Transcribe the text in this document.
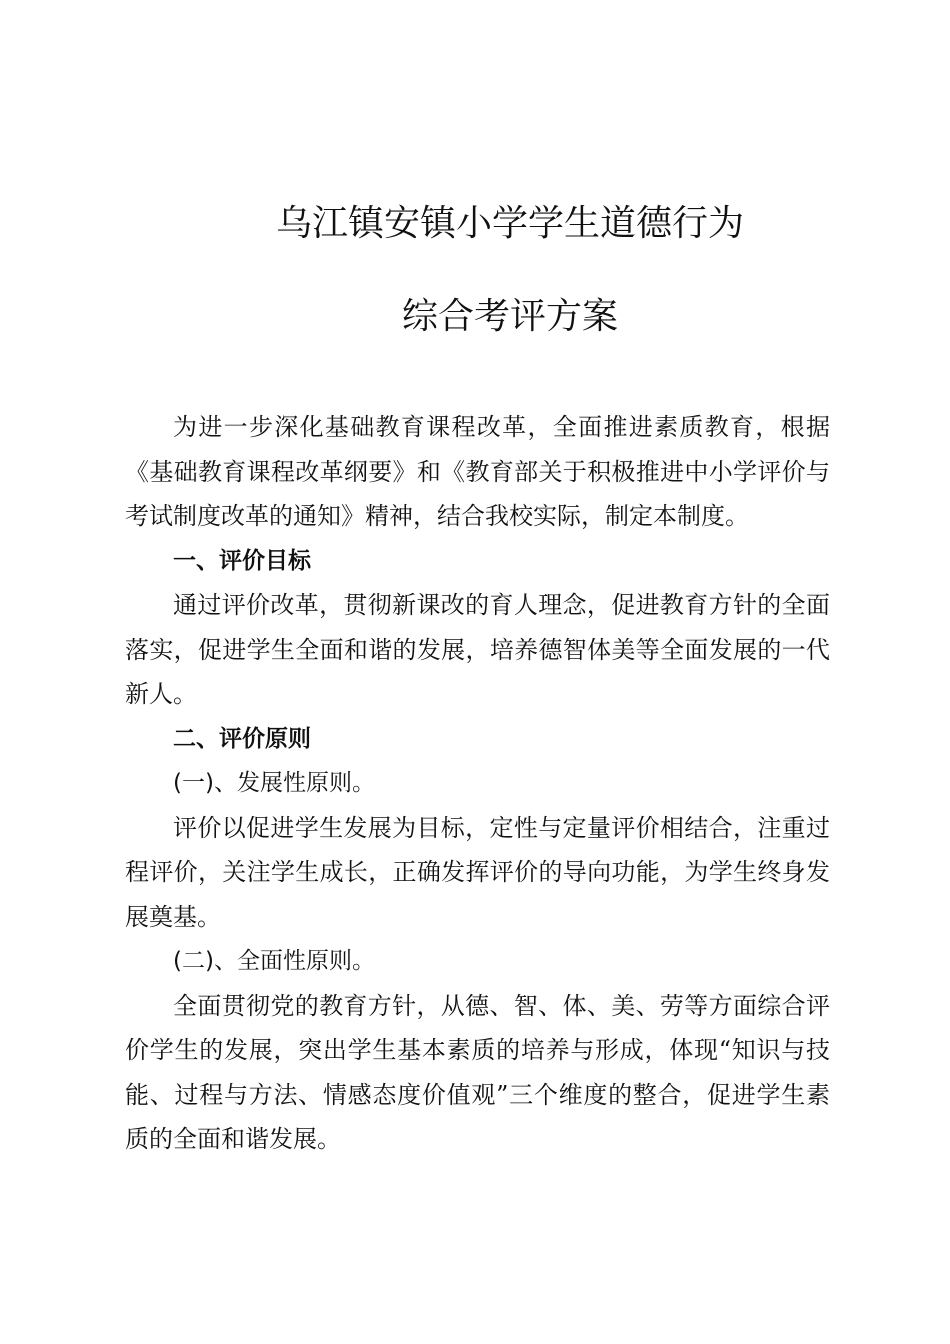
乌江镇安镇小学学生道德行为
综合考评方案

为进一步深化基础教育课程改革，全面推进素质教育，根据《基础教育课程改革纲要》和《教育部关于积极推进中小学评价与考试制度改革的通知》精神，结合我校实际，制定本制度。

一、评价目标

通过评价改革，贯彻新课改的育人理念，促进教育方针的全面落实，促进学生全面和谐的发展，培养德智体美等全面发展的一代新人。

二、评价原则

(一)、发展性原则。

评价以促进学生发展为目标，定性与定量评价相结合，注重过程评价，关注学生成长，正确发挥评价的导向功能，为学生终身发展奠基。

(二)、全面性原则。

全面贯彻党的教育方针，从德、智、体、美、劳等方面综合评价学生的发展，突出学生基本素质的培养与形成，体现“知识与技能、过程与方法、情感态度价值观”三个维度的整合，促进学生素质的全面和谐发展。
